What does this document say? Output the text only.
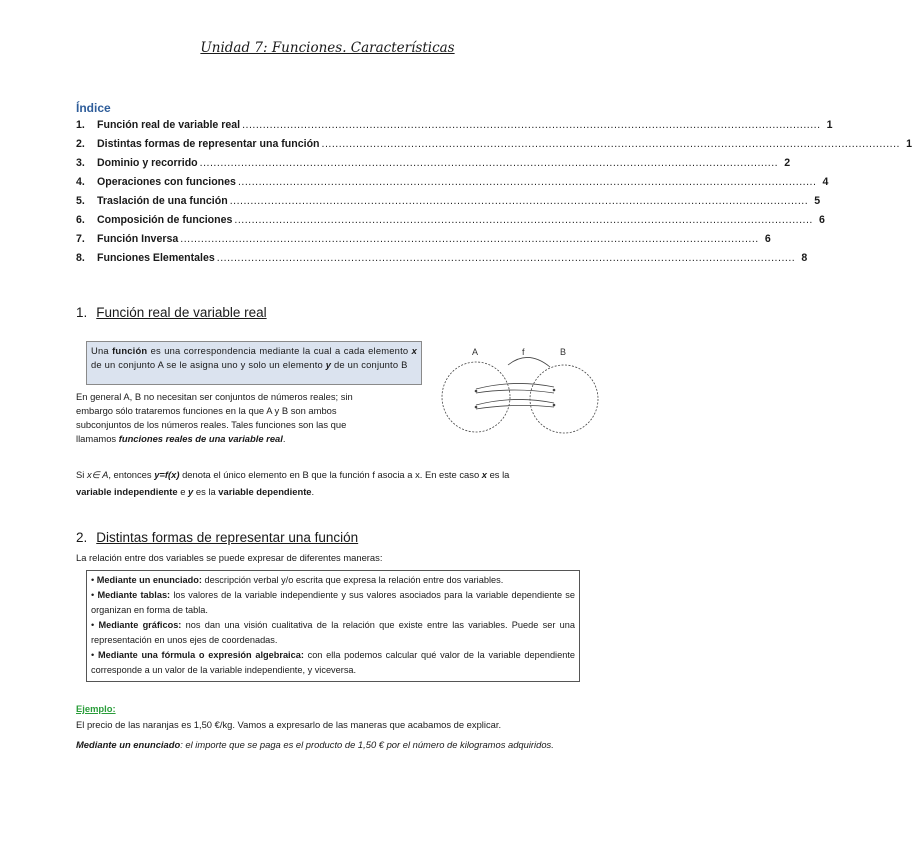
Unidad 7: Funciones. Características
Índice
1.	Función real de variable real ........................................................................................................................................................................ 1
2.	Distintas formas de representar una función ........................................................................................................................................................................ 1
3.	Dominio y recorrido ........................................................................................................................................................................ 2
4.	Operaciones con funciones ........................................................................................................................................................................ 4
5.	Traslación de una función ........................................................................................................................................................................ 5
6.	Composición de funciones ........................................................................................................................................................................ 6
7.	Función Inversa ........................................................................................................................................................................ 6
8.	Funciones Elementales ........................................................................................................................................................................ 8
1. Función real de variable real
Una función es una correspondencia mediante la cual a cada elemento x de un conjunto A se le asigna uno y solo un elemento y de un conjunto B
En general A, B no necesitan ser conjuntos de números reales; sin
embargo sólo trataremos funciones en la que A y B son ambos
subconjuntos de los números reales. Tales funciones son las que
llamamos funciones reales de una variable real.
A	f	B
Si x∈ A, entonces y=f(x) denota el único elemento en B que la función f asocia a x. En este caso x es la
variable independiente e y es la variable dependiente.
2. Distintas formas de representar una función
La relación entre dos variables se puede expresar de diferentes maneras:
• Mediante un enunciado: descripción verbal y/o escrita que expresa la relación entre dos variables.
• Mediante tablas: los valores de la variable independiente y sus valores asociados para la variable dependiente se organizan en forma de tabla.
• Mediante gráficos: nos dan una visión cualitativa de la relación que existe entre las variables. Puede ser una representación en unos ejes de coordenadas.
• Mediante una fórmula o expresión algebraica: con ella podemos calcular qué valor de la variable dependiente corresponde a un valor de la variable independiente, y viceversa.
Ejemplo:
El precio de las naranjas es 1,50 €/kg. Vamos a expresarlo de las maneras que acabamos de explicar.
Mediante un enunciado: el importe que se paga es el producto de 1,50 € por el número de kilogramos adquiridos.
